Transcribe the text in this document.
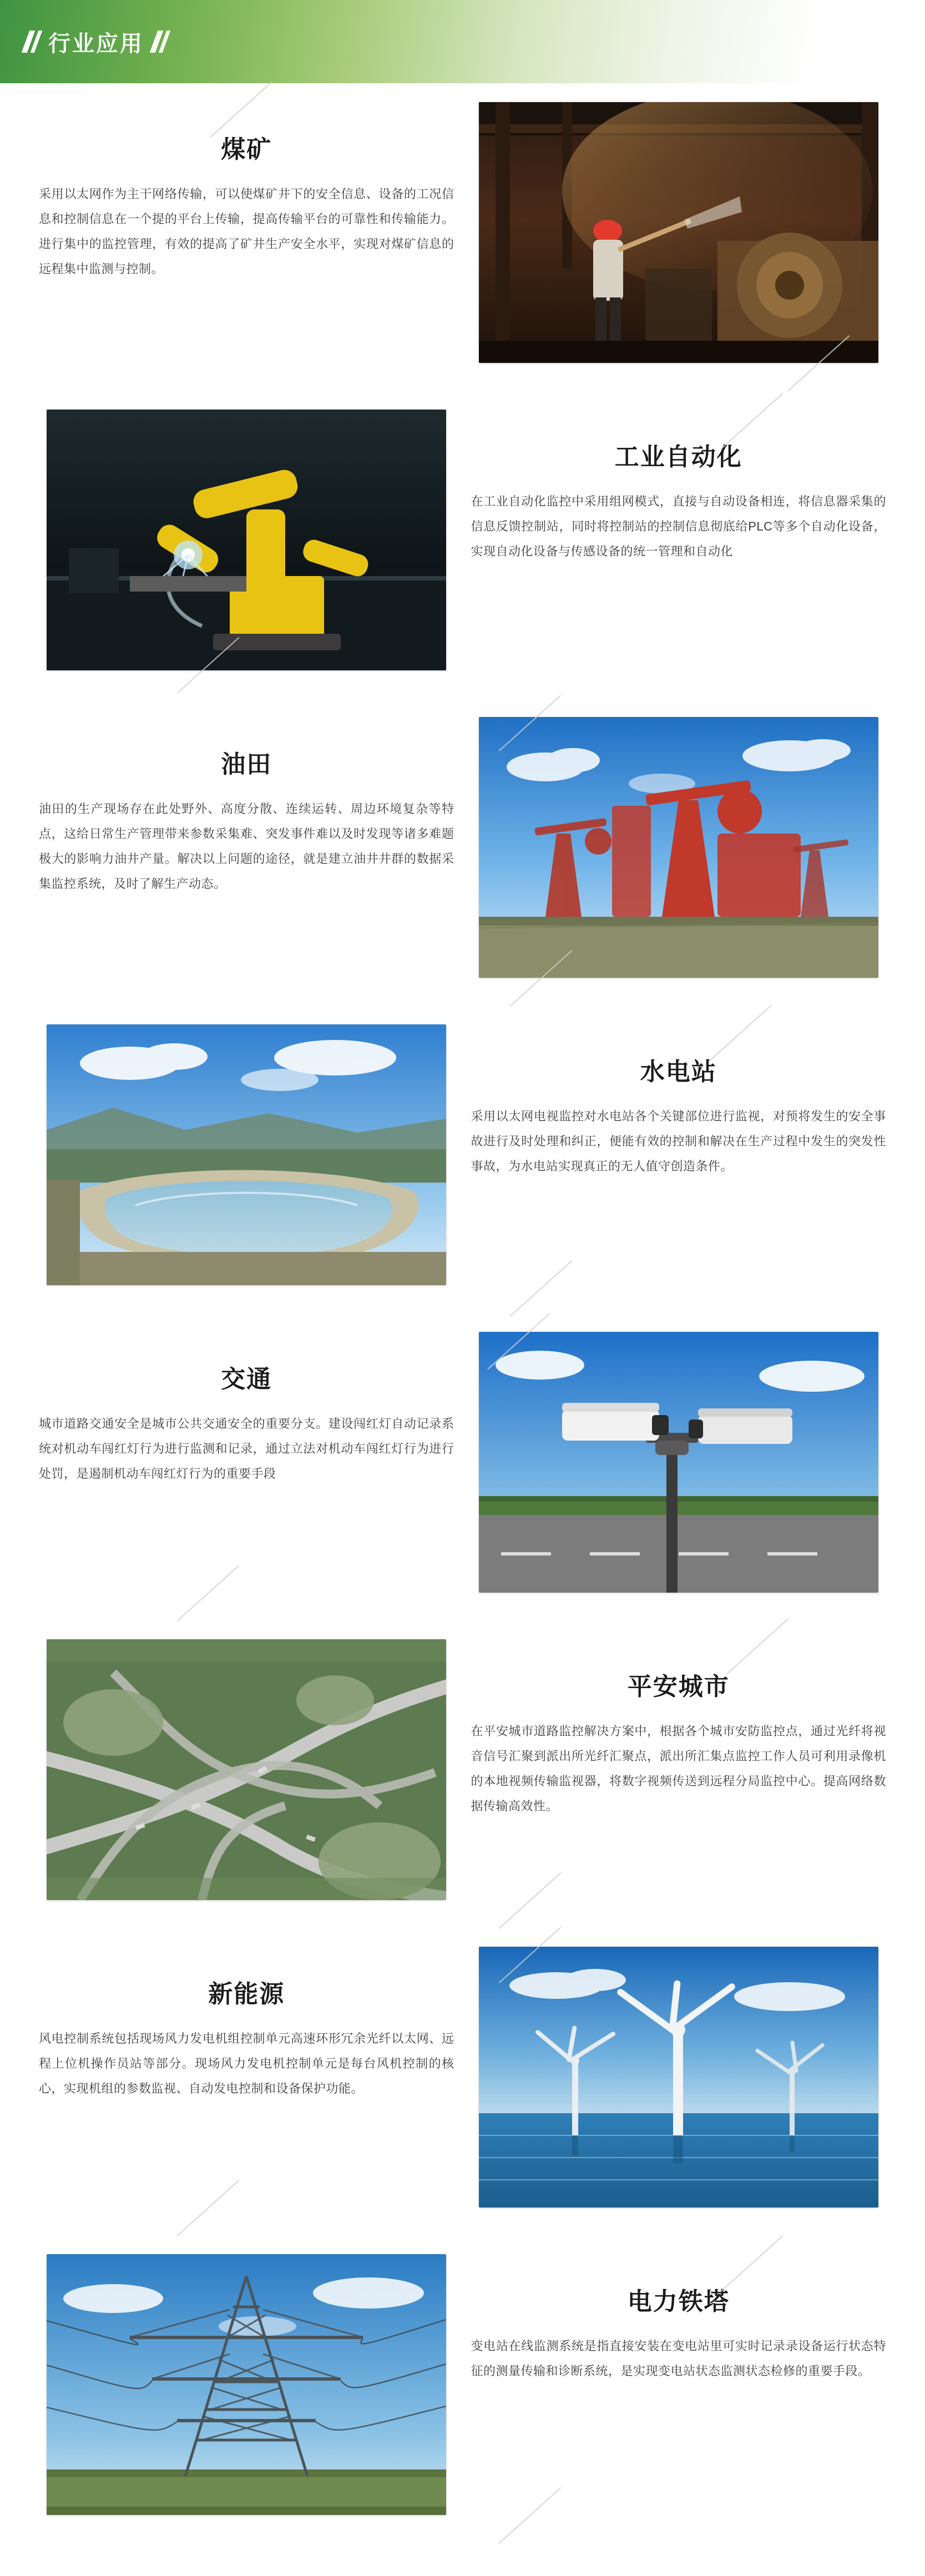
行业应用
煤矿
采用以太网作为主干网络传输，可以使煤矿井下的安全信息、设备的工况信息和控制信息在一个提的平台上传输，提高传输平台的可靠性和传输能力。进行集中的监控管理，有效的提高了矿井生产安全水平，实现对煤矿信息的远程集中监测与控制。
工业自动化
在工业自动化监控中采用组网模式，直接与自动设备相连，将信息器采集的信息反馈控制站，同时将控制站的控制信息彻底给PLC等多个自动化设备，实现自动化设备与传感设备的统一管理和自动化
油田
油田的生产现场存在此处野外、高度分散、连续运转、周边环境复杂等特点，这给日常生产管理带来参数采集难、突发事件难以及时发现等诸多难题极大的影响力油井产量。解决以上问题的途径，就是建立油井井群的数据采集监控系统，及时了解生产动态。
水电站
采用以太网电视监控对水电站各个关键部位进行监视，对预将发生的安全事故进行及时处理和纠正，便能有效的控制和解决在生产过程中发生的突发性事故，为水电站实现真正的无人值守创造条件。
交通
城市道路交通安全是城市公共交通安全的重要分支。建设闯红灯自动记录系统对机动车闯红灯行为进行监测和记录，通过立法对机动车闯红灯行为进行处罚，是遏制机动车闯红灯行为的重要手段
平安城市
在平安城市道路监控解决方案中，根据各个城市安防监控点，通过光纤将视音信号汇聚到派出所光纤汇聚点，派出所汇集点监控工作人员可利用录像机的本地视频传输监视器，将数字视频传送到远程分局监控中心。提高网络数据传输高效性。
新能源
风电控制系统包括现场风力发电机组控制单元高速环形冗余光纤以太网、远程上位机操作员站等部分。现场风力发电机控制单元是每台风机控制的核心，实现机组的参数监视、自动发电控制和设备保护功能。
电力铁塔
变电站在线监测系统是指直接安装在变电站里可实时记录录设备运行状态特征的测量传输和诊断系统，是实现变电站状态监测状态检修的重要手段。
